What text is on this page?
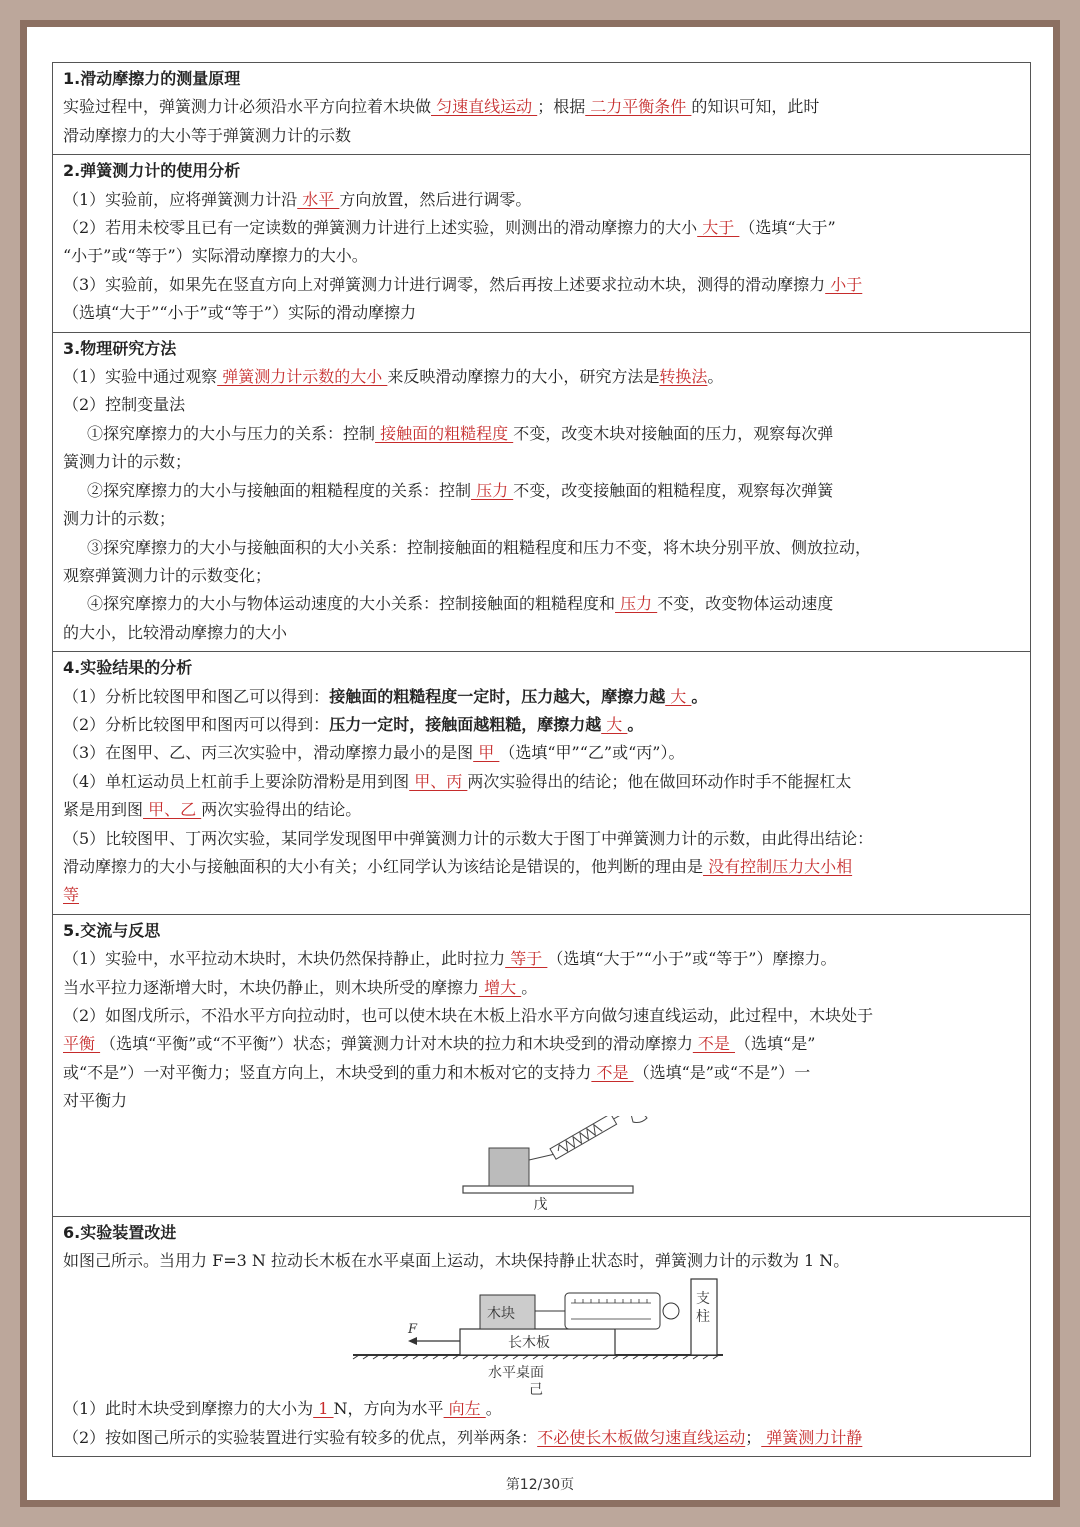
1.滑动摩擦力的测量原理
实验过程中，弹簧测力计必须沿水平方向拉着木块做 匀速直线运动 ；根据 二力平衡条件 的知识可知，此时
滑动摩擦力的大小等于弹簧测力计的示数
2.弹簧测力计的使用分析
（1）实验前，应将弹簧测力计沿 水平 方向放置，然后进行调零。
（2）若用未校零且已有一定读数的弹簧测力计进行上述实验，则测出的滑动摩擦力的大小 大于 （选填“大于”
“小于”或“等于”）实际滑动摩擦力的大小。
（3）实验前，如果先在竖直方向上对弹簧测力计进行调零，然后再按上述要求拉动木块，测得的滑动摩擦力 小于
（选填“大于”“小于”或“等于”）实际的滑动摩擦力
3.物理研究方法
（1）实验中通过观察 弹簧测力计示数的大小 来反映滑动摩擦力的大小，研究方法是转换法。
（2）控制变量法
①探究摩擦力的大小与压力的关系：控制 接触面的粗糙程度 不变，改变木块对接触面的压力，观察每次弹
簧测力计的示数；
②探究摩擦力的大小与接触面的粗糙程度的关系：控制 压力 不变，改变接触面的粗糙程度，观察每次弹簧
测力计的示数；
③探究摩擦力的大小与接触面积的大小关系：控制接触面的粗糙程度和压力不变，将木块分别平放、侧放拉动，
观察弹簧测力计的示数变化；
④探究摩擦力的大小与物体运动速度的大小关系：控制接触面的粗糙程度和 压力 不变，改变物体运动速度
的大小，比较滑动摩擦力的大小
4.实验结果的分析
（1）分析比较图甲和图乙可以得到：接触面的粗糙程度一定时，压力越大，摩擦力越 大 。
（2）分析比较图甲和图丙可以得到：压力一定时，接触面越粗糙，摩擦力越 大 。
（3）在图甲、乙、丙三次实验中，滑动摩擦力最小的是图 甲 （选填“甲”“乙”或“丙”）。
（4）单杠运动员上杠前手上要涂防滑粉是用到图 甲、丙 两次实验得出的结论；他在做回环动作时手不能握杠太
紧是用到图 甲、乙 两次实验得出的结论。
（5）比较图甲、丁两次实验，某同学发现图甲中弹簧测力计的示数大于图丁中弹簧测力计的示数，由此得出结论：
滑动摩擦力的大小与接触面积的大小有关；小红同学认为该结论是错误的，他判断的理由是 没有控制压力大小相
等
5.交流与反思
（1）实验中，水平拉动木块时，木块仍然保持静止，此时拉力 等于 （选填“大于”“小于”或“等于”）摩擦力。
当水平拉力逐渐增大时，木块仍静止，则木块所受的摩擦力 增大 。
（2）如图戊所示，不沿水平方向拉动时，也可以使木块在木板上沿水平方向做匀速直线运动，此过程中，木块处于
平衡 （选填“平衡”或“不平衡”）状态；弹簧测力计对木块的拉力和木块受到的滑动摩擦力 不是 （选填“是”
或“不是”）一对平衡力；竖直方向上，木块受到的重力和木板对它的支持力 不是 （选填“是”或“不是”）一
对平衡力
戊
6.实验装置改进
如图己所示。当用力 F=3 N 拉动长木板在水平桌面上运动，木块保持静止状态时，弹簧测力计的示数为 1 N。
F
木块
长木板
支
柱
水平桌面
己
（1）此时木块受到摩擦力的大小为 1 N，方向为水平 向左 。
（2）按如图己所示的实验装置进行实验有较多的优点，列举两条：不必使长木板做匀速直线运动； 弹簧测力计静
第12/30页
